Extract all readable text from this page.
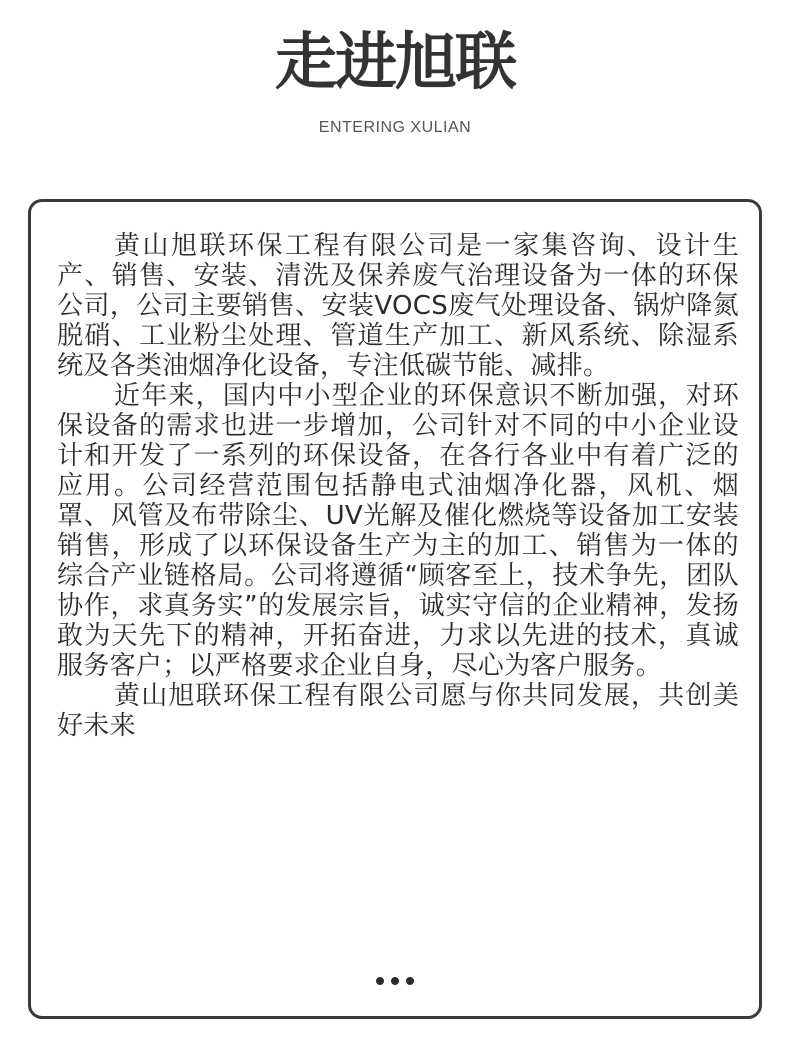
走进旭联
ENTERING XULIAN

黄山旭联环保工程有限公司是一家集咨询、设计生产、销售、安装、清洗及保养废气治理设备为一体的环保公司，公司主要销售、安装VOCS废气处理设备、锅炉降氮脱硝、工业粉尘处理、管道生产加工、新风系统、除湿系统及各类油烟净化设备，专注低碳节能、减排。

近年来，国内中小型企业的环保意识不断加强，对环保设备的需求也进一步增加，公司针对不同的中小企业设计和开发了一系列的环保设备，在各行各业中有着广泛的应用。公司经营范围包括静电式油烟净化器，风机、烟罩、风管及布带除尘、UV光解及催化燃烧等设备加工安装销售，形成了以环保设备生产为主的加工、销售为一体的综合产业链格局。公司将遵循“顾客至上，技术争先，团队协作，求真务实”的发展宗旨，诚实守信的企业精神，发扬敢为天先下的精神，开拓奋进，力求以先进的技术，真诚服务客户；以严格要求企业自身，尽心为客户服务。

黄山旭联环保工程有限公司愿与你共同发展，共创美好未来
